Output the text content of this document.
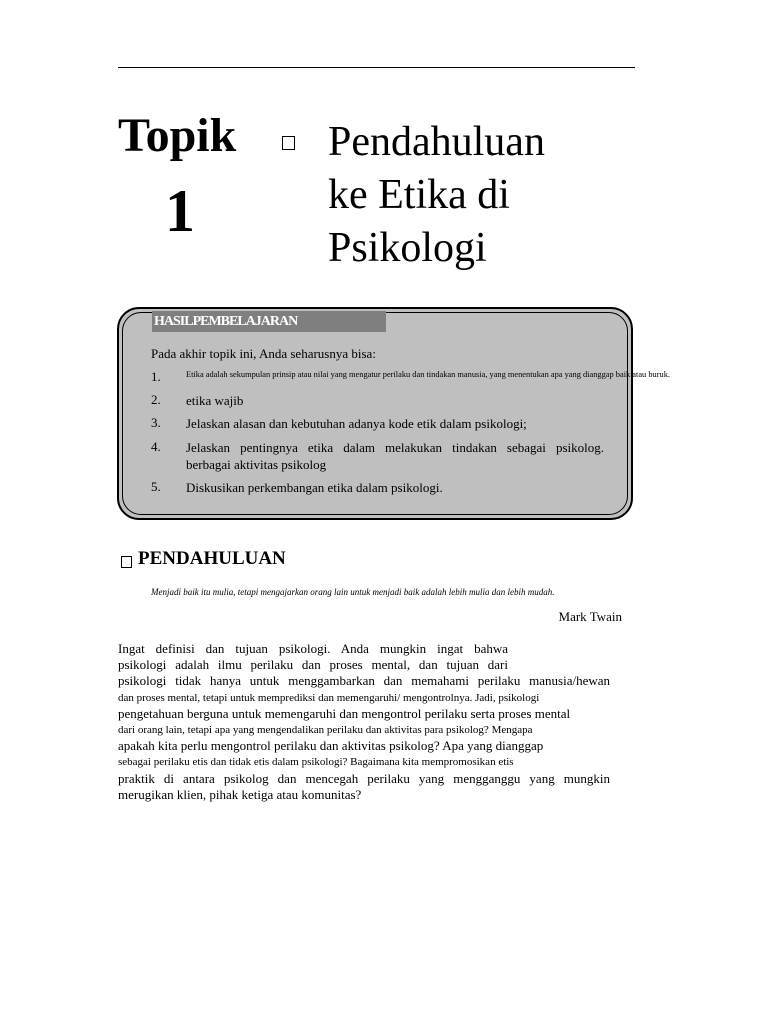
Topik
1
Pendahuluan
ke Etika di
Psikologi
HASILPEMBELAJARAN
Pada akhir topik ini, Anda seharusnya bisa:
1.	Etika adalah sekumpulan prinsip atau nilai yang mengatur perilaku dan tindakan manusia, yang menentukan apa yang dianggap baik atau buruk.
2. etika wajib
3. Jelaskan alasan dan kebutuhan adanya kode etik dalam psikologi;
4. Jelaskan pentingnya etika dalam melakukan tindakan sebagai psikolog.
berbagai aktivitas psikolog
5. Diskusikan perkembangan etika dalam psikologi.
PENDAHULUAN
Menjadi baik itu mulia, tetapi mengajarkan orang lain untuk menjadi baik adalah lebih mulia dan lebih mudah.
Mark Twain
Ingat definisi dan tujuan psikologi. Anda mungkin ingat bahwa
psikologi adalah ilmu perilaku dan proses mental, dan tujuan dari
psikologi tidak hanya untuk menggambarkan dan memahami perilaku manusia/hewan
dan proses mental, tetapi untuk memprediksi dan memengaruhi/ mengontrolnya. Jadi, psikologi
pengetahuan berguna untuk memengaruhi dan mengontrol perilaku serta proses mental
dari orang lain, tetapi apa yang mengendalikan perilaku dan aktivitas para psikolog? Mengapa
apakah kita perlu mengontrol perilaku dan aktivitas psikolog? Apa yang dianggap
sebagai perilaku etis dan tidak etis dalam psikologi? Bagaimana kita mempromosikan etis
praktik di antara psikolog dan mencegah perilaku yang mengganggu yang mungkin
merugikan klien, pihak ketiga atau komunitas?
